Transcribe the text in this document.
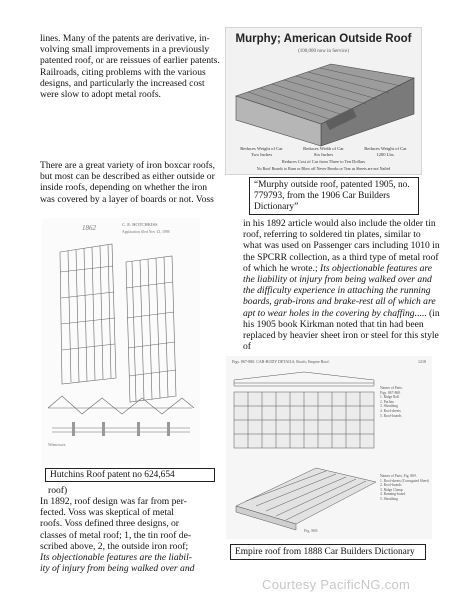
lines. Many of the patents are derivative, in-

volving small improvements in a previously

patented roof, or are reissues of earlier patents.

Railroads, citing problems with the various

designs, and particularly the increased cost

were slow to adopt metal roofs.

Murphy; American Outside Roof
(100,000 now in Service)
Reduces Weight of Car
Two Inches
Reduces Width of Car
Six Inches
Reduces Weight of Car
1200 Lbs.
Reduces Cost of Car from Three to Ten Dollars
No Roof Boards to Burn or Blow off Never Breaks or Tear as Sheets are not Nailed
“Murphy outside roof, patented 1905, no. 779793, from the 1906 Car Builders Dictionary”

There are a great variety of iron boxcar roofs,

but most can be described as either outside or

inside roofs, depending on whether the iron

was covered by a layer of boards or not. Voss

1862	C. E. HOTCHKISS
Application filed Nov 12, 1898
Witnesses
Hutchins Roof patent no 624,654

roof)

in his 1892 article would also include the older tin roof, referring to soldered tin plates, similar to what was used on Passenger cars including 1010 in the SPCRR collection, as a third type of metal roof of which he wrote.; Its objectionable features are the liability ot injury from being walked over and the difficulty experience in attaching the running boards, grab-irons and brake-rest all of which are apt to wear holes in the covering by chaffing..... (in his 1905 book Kirkman noted that tin had been replaced by heavier sheet iron or steel for this style of
Figs. 867-880. CAR-BODY DETAILS, Roofs; Empire Roof.	1218
Names of Parts.
Figs. 867-868.
1. Ridge Roll
2. Purlins
3. Sheathing
4. Roof-sheets
5. Roof-boards
Names of Parts, Fig. 869.
1. Roof-sheets (Corrugated Sheet)
2. Roof-boards
3. Ridge Clamp
4. Running-board
5. Sheathing
Fig. 869.
Empire roof from 1888 Car Builders Dictionary

In 1892, roof design was far from per-

fected. Voss was skeptical of metal

roofs. Voss defined three designs, or

classes of metal roof; 1, the tin roof de-

scribed above, 2, the outside iron roof;

Its objectionable features are the liabil-

ity of injury from being walked over and

Courtesy PacificNG.com
